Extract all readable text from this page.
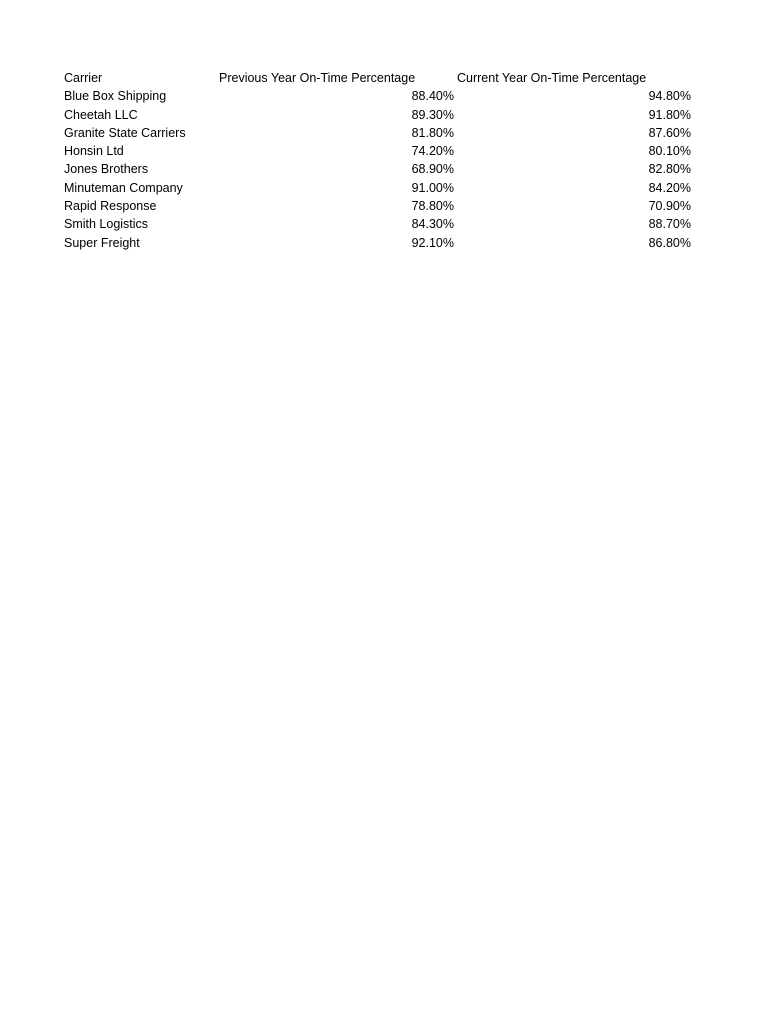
Carrier	Previous Year On-Time Percentage	Current Year On-Time Percentage
Blue Box Shipping	88.40%	94.80%
Cheetah LLC	89.30%	91.80%
Granite State Carriers	81.80%	87.60%
Honsin Ltd	74.20%	80.10%
Jones Brothers	68.90%	82.80%
Minuteman Company	91.00%	84.20%
Rapid Response	78.80%	70.90%
Smith Logistics	84.30%	88.70%
Super Freight	92.10%	86.80%
